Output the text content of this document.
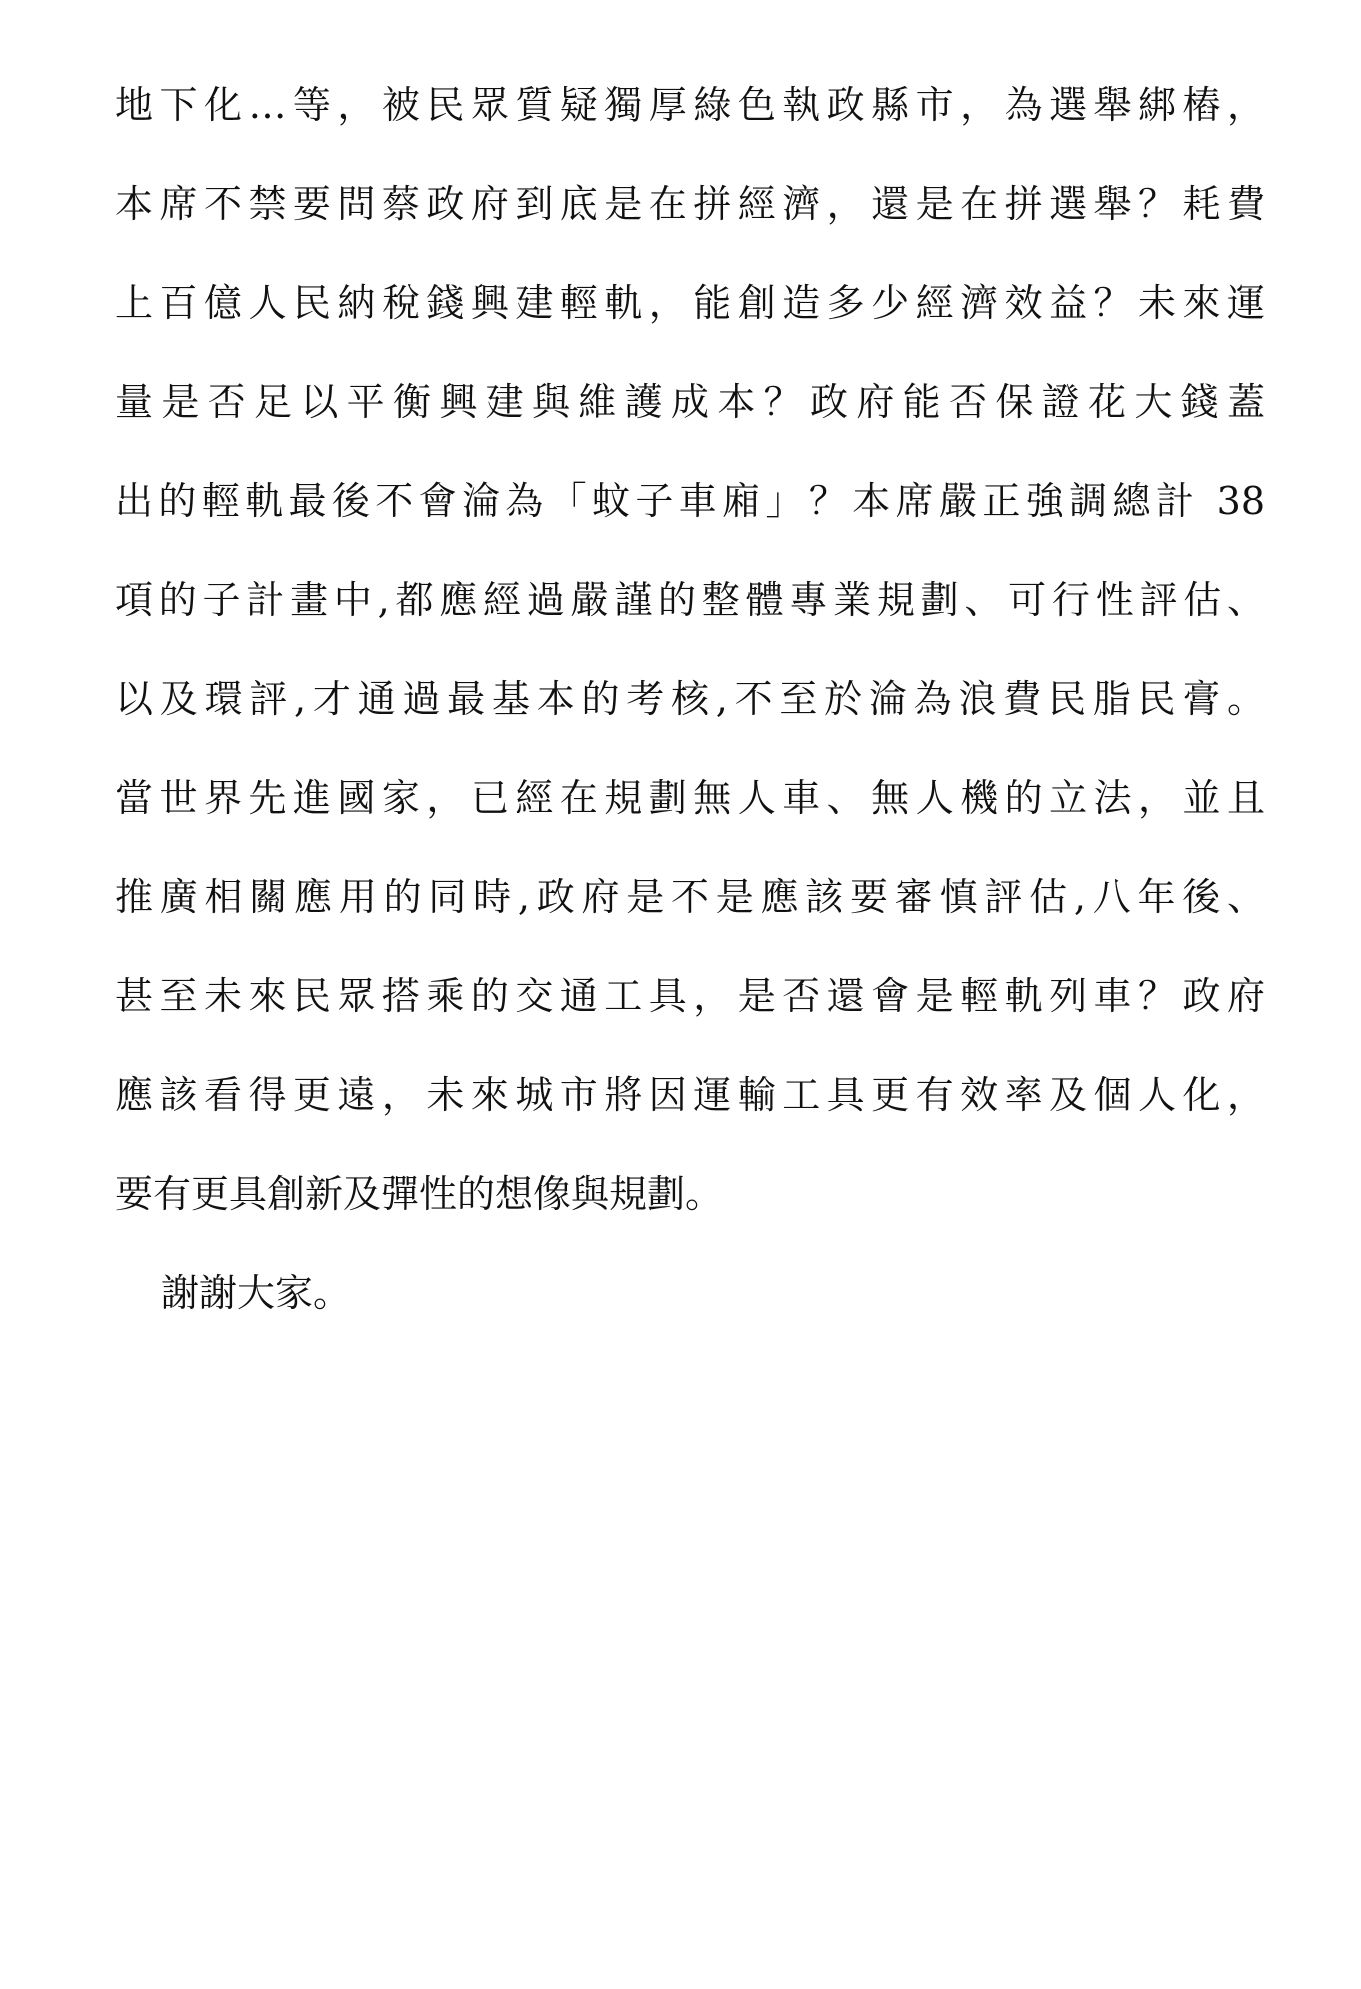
地下化…等，被民眾質疑獨厚綠色執政縣市，為選舉綁樁，
本席不禁要問蔡政府到底是在拼經濟，還是在拼選舉？耗費
上百億人民納稅錢興建輕軌，能創造多少經濟效益？未來運
量是否足以平衡興建與維護成本？政府能否保證花大錢蓋
出的輕軌最後不會淪為「蚊子車廂」？本席嚴正強調總計 38
項的子計畫中,都應經過嚴謹的整體專業規劃、可行性評估、
以及環評,才通過最基本的考核,不至於淪為浪費民脂民膏。
當世界先進國家，已經在規劃無人車、無人機的立法，並且
推廣相關應用的同時,政府是不是應該要審慎評估,八年後、
甚至未來民眾搭乘的交通工具，是否還會是輕軌列車？政府
應該看得更遠，未來城市將因運輸工具更有效率及個人化，
要有更具創新及彈性的想像與規劃。
謝謝大家。
